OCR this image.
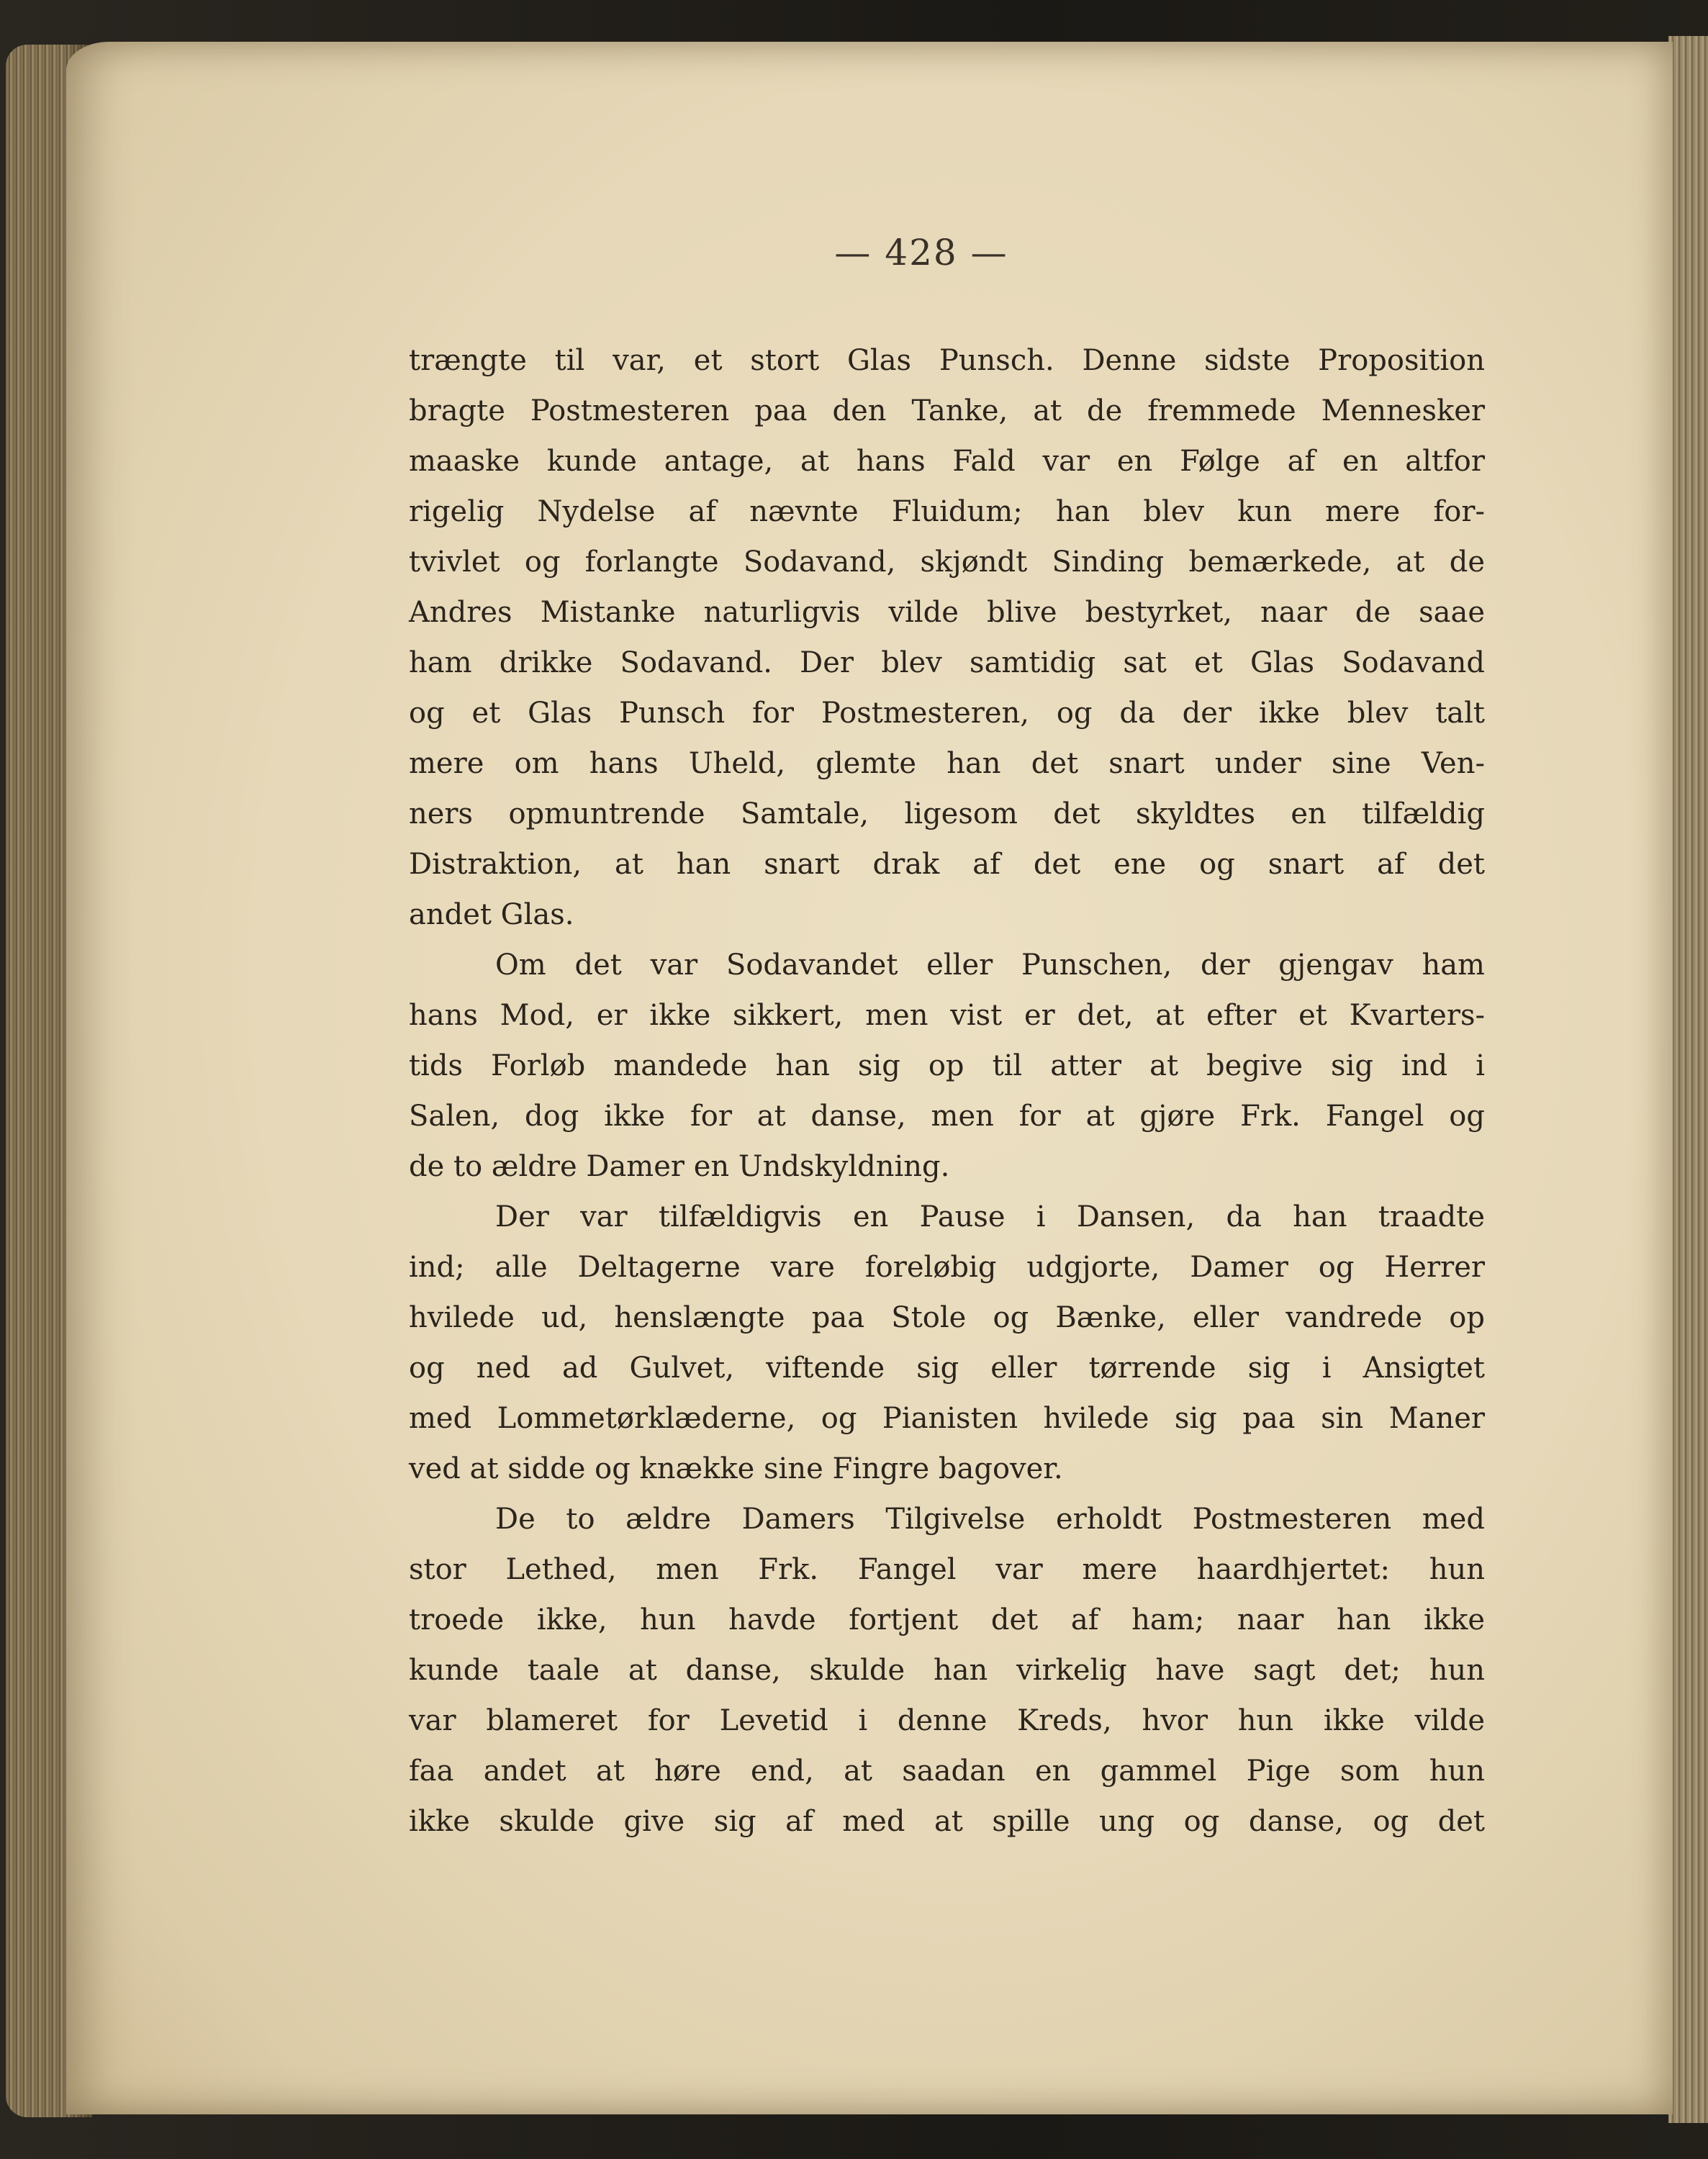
— 428 —
trængte til var, et stort Glas Punsch. Denne sidste Proposition
bragte Postmesteren paa den Tanke, at de fremmede Mennesker
maaske kunde antage, at hans Fald var en Følge af en altfor
rigelig Nydelse af nævnte Fluidum; han blev kun mere for-
tvivlet og forlangte Sodavand, skjøndt Sinding bemærkede, at de
Andres Mistanke naturligvis vilde blive bestyrket, naar de saae
ham drikke Sodavand. Der blev samtidig sat et Glas Sodavand
og et Glas Punsch for Postmesteren, og da der ikke blev talt
mere om hans Uheld, glemte han det snart under sine Ven-
ners opmuntrende Samtale, ligesom det skyldtes en tilfældig
Distraktion, at han snart drak af det ene og snart af det
andet Glas.
Om det var Sodavandet eller Punschen, der gjengav ham
hans Mod, er ikke sikkert, men vist er det, at efter et Kvarters-
tids Forløb mandede han sig op til atter at begive sig ind i
Salen, dog ikke for at danse, men for at gjøre Frk. Fangel og
de to ældre Damer en Undskyldning.
Der var tilfældigvis en Pause i Dansen, da han traadte
ind; alle Deltagerne vare foreløbig udgjorte, Damer og Herrer
hvilede ud, henslængte paa Stole og Bænke, eller vandrede op
og ned ad Gulvet, viftende sig eller tørrende sig i Ansigtet
med Lommetørklæderne, og Pianisten hvilede sig paa sin Maner
ved at sidde og knække sine Fingre bagover.
De to ældre Damers Tilgivelse erholdt Postmesteren med
stor Lethed, men Frk. Fangel var mere haardhjertet: hun
troede ikke, hun havde fortjent det af ham; naar han ikke
kunde taale at danse, skulde han virkelig have sagt det; hun
var blameret for Levetid i denne Kreds, hvor hun ikke vilde
faa andet at høre end, at saadan en gammel Pige som hun
ikke skulde give sig af med at spille ung og danse, og det
